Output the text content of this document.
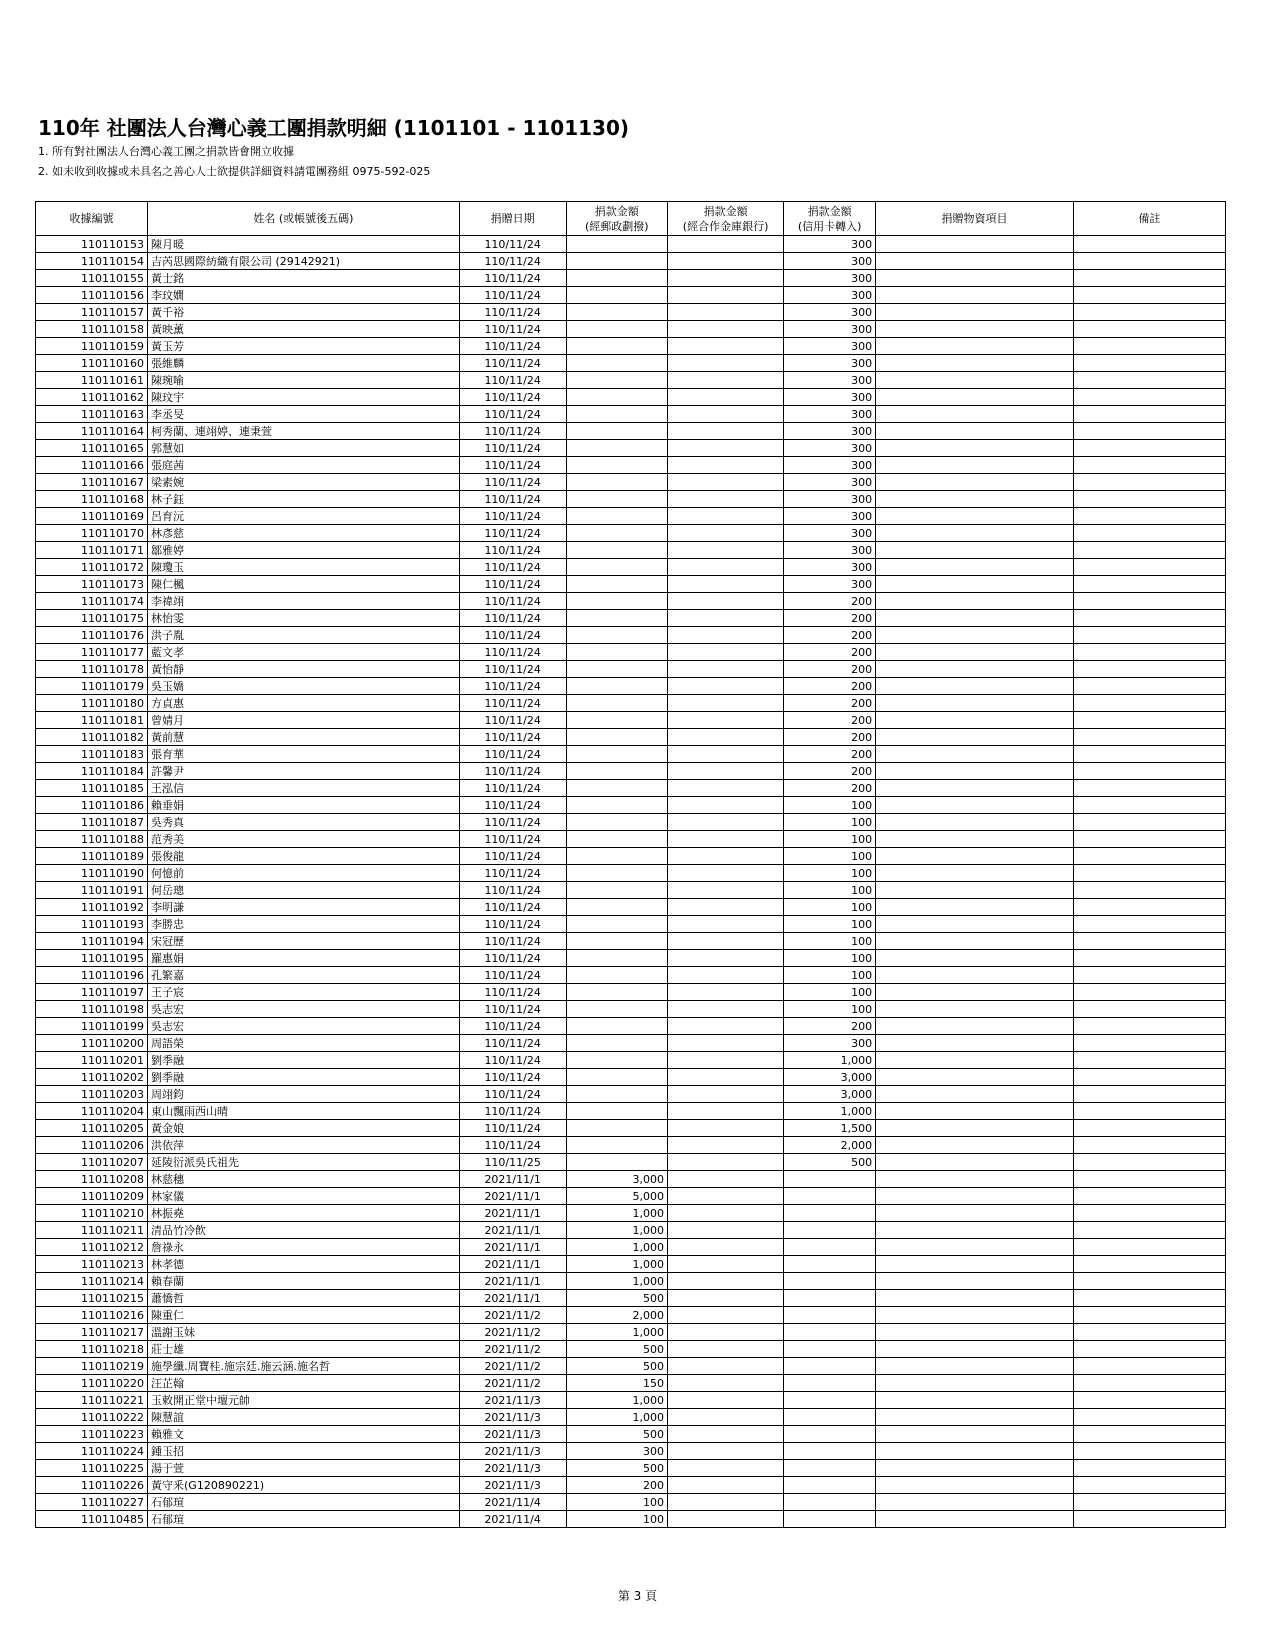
110年 社團法人台灣心義工團捐款明細 (1101101 - 1101130)
1. 所有對社團法人台灣心義工團之捐款皆會開立收據
2. 如未收到收據或未具名之善心人士欲提供詳細資料請電團務組 0975-592-025
收據編號	姓名 (或帳號後五碼)	捐贈日期	捐款金額
(經郵政劃撥)	捐款金額
(經合作金庫銀行)	捐款金額
(信用卡轉入)	捐贈物資項目	備註
110110153	陳月暖	110/11/24			300		
110110154	吉芮思國際紡織有限公司 (29142921)	110/11/24			300		
110110155	黃士銘	110/11/24			300		
110110156	李玟嫺	110/11/24			300		
110110157	黃千裕	110/11/24			300		
110110158	黃映薰	110/11/24			300		
110110159	黃玉芳	110/11/24			300		
110110160	張維麟	110/11/24			300		
110110161	陳琬喻	110/11/24			300		
110110162	陳玟宇	110/11/24			300		
110110163	李丞旻	110/11/24			300		
110110164	柯秀蘭、連翊婷、連秉萱	110/11/24			300		
110110165	郭慧如	110/11/24			300		
110110166	張庭茜	110/11/24			300		
110110167	梁素婉	110/11/24			300		
110110168	林子鈺	110/11/24			300		
110110169	呂育沅	110/11/24			300		
110110170	林彥慈	110/11/24			300		
110110171	鄒雅婷	110/11/24			300		
110110172	陳瓊玉	110/11/24			300		
110110173	陳仁楓	110/11/24			300		
110110174	李禕翊	110/11/24			200		
110110175	林怡雯	110/11/24			200		
110110176	洪子胤	110/11/24			200		
110110177	藍文孝	110/11/24			200		
110110178	黃怡靜	110/11/24			200		
110110179	吳玉嬌	110/11/24			200		
110110180	方貞惠	110/11/24			200		
110110181	曾婧月	110/11/24			200		
110110182	黃前慧	110/11/24			200		
110110183	張育華	110/11/24			200		
110110184	許馨尹	110/11/24			200		
110110185	王泓信	110/11/24			200		
110110186	賴垂娟	110/11/24			100		
110110187	吳秀真	110/11/24			100		
110110188	范秀美	110/11/24			100		
110110189	張俊龍	110/11/24			100		
110110190	何憶前	110/11/24			100		
110110191	何岳璁	110/11/24			100		
110110192	李明謙	110/11/24			100		
110110193	李勝忠	110/11/24			100		
110110194	宋冠歷	110/11/24			100		
110110195	羅惠娟	110/11/24			100		
110110196	孔繁嘉	110/11/24			100		
110110197	王子宸	110/11/24			100		
110110198	吳志宏	110/11/24			100		
110110199	吳志宏	110/11/24			200		
110110200	周語榮	110/11/24			300		
110110201	劉季融	110/11/24			1,000		
110110202	劉季融	110/11/24			3,000		
110110203	周翊鈞	110/11/24			3,000		
110110204	東山飄雨西山晴	110/11/24			1,000		
110110205	黃金娘	110/11/24			1,500		
110110206	洪依萍	110/11/24			2,000		
110110207	延陵衍派吳氏祖先	110/11/25			500		
110110208	林慈穗	2021/11/1	3,000				
110110209	林家儀	2021/11/1	5,000				
110110210	林振堯	2021/11/1	1,000				
110110211	清品竹冷飲	2021/11/1	1,000				
110110212	詹祿永	2021/11/1	1,000				
110110213	林孝德	2021/11/1	1,000				
110110214	賴春蘭	2021/11/1	1,000				
110110215	蕭憍哲	2021/11/1	500				
110110216	陳重仁	2021/11/2	2,000				
110110217	溫謝玉妹	2021/11/2	1,000				
110110218	莊士雄	2021/11/2	500				
110110219	施學纖.周寶桂.施宗廷.施云涵.施名哲	2021/11/2	500				
110110220	汪芷翰	2021/11/2	150				
110110221	玉敕開正堂中壇元帥	2021/11/3	1,000				
110110222	陳慧誼	2021/11/3	1,000				
110110223	賴雅文	2021/11/3	500				
110110224	鍾玉招	2021/11/3	300				
110110225	湯于萱	2021/11/3	500				
110110226	黃守釆(G120890221)	2021/11/3	200				
110110227	石郁瑄	2021/11/4	100				
110110485	石郁瑄	2021/11/4	100				
第 3 頁
